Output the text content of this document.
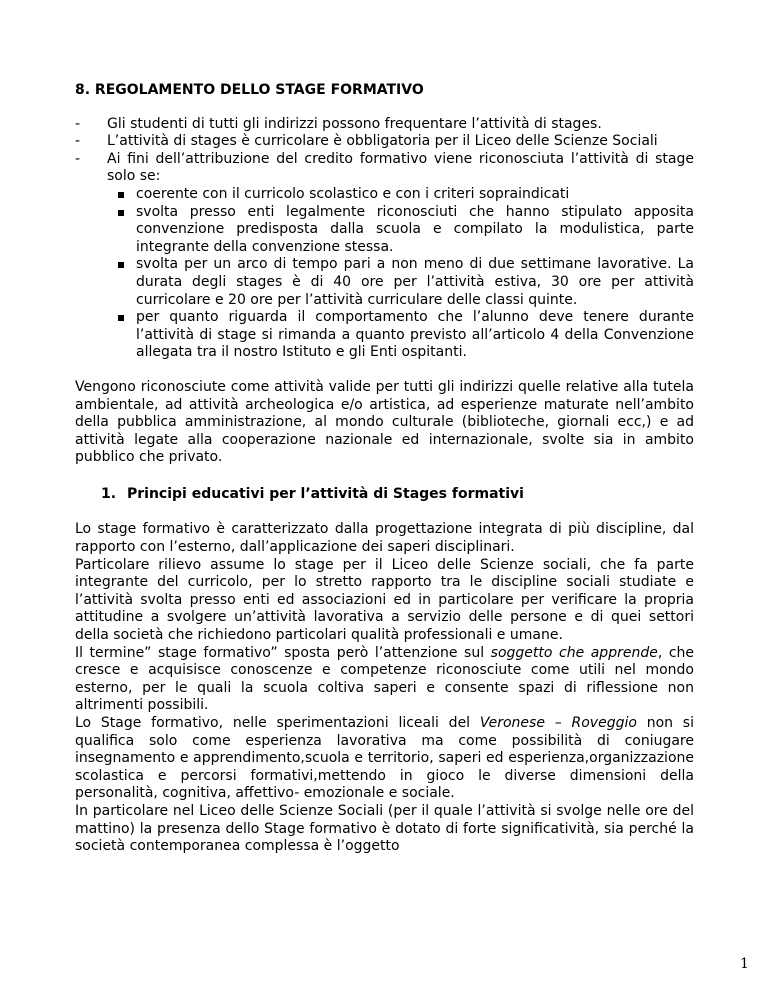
8. REGOLAMENTO DELLO STAGE FORMATIVO
- Gli studenti di tutti gli indirizzi possono frequentare l’attività di stages.
- L’attività di stages è curricolare è obbligatoria per il Liceo delle Scienze Sociali
- Ai fini dell’attribuzione del credito formativo viene riconosciuta l’attività di stage solo se:
coerente con il curricolo scolastico e con i criteri sopraindicati
svolta presso enti legalmente riconosciuti che hanno stipulato apposita convenzione predisposta dalla scuola e compilato la modulistica, parte integrante della convenzione stessa.
svolta per un arco di tempo pari a non meno di due settimane lavorative. La durata degli stages è di 40 ore per l’attività estiva, 30 ore per attività curricolare e 20 ore per l’attività curriculare delle classi quinte.
per quanto riguarda il comportamento che l’alunno deve tenere durante l’attività di stage si rimanda a quanto previsto all’articolo 4 della Convenzione allegata tra il nostro Istituto e gli Enti ospitanti.

Vengono riconosciute come attività valide per tutti gli indirizzi quelle relative alla tutela ambientale, ad attività archeologica e/o artistica, ad esperienze maturate nell’ambito della pubblica amministrazione, al mondo culturale (biblioteche, giornali ecc,) e ad attività legate alla cooperazione nazionale ed internazionale, svolte sia in ambito pubblico che privato.

1. Principi educativi per l’attività di Stages formativi

Lo stage formativo è caratterizzato dalla progettazione integrata di più discipline, dal rapporto con l’esterno, dall’applicazione dei saperi disciplinari.

Particolare rilievo assume lo stage per il Liceo delle Scienze sociali, che fa parte integrante del curricolo, per lo stretto rapporto tra le discipline sociali studiate e l’attività svolta presso enti ed associazioni ed in particolare per verificare la propria attitudine a svolgere un’attività lavorativa a servizio delle persone e di quei settori della società che richiedono particolari qualità professionali e umane.

Il termine” stage formativo” sposta però l’attenzione sul soggetto che apprende, che cresce e acquisisce conoscenze e competenze riconosciute come utili nel mondo esterno, per le quali la scuola coltiva saperi e consente spazi di riflessione non altrimenti possibili.

Lo Stage formativo, nelle sperimentazioni liceali del Veronese – Roveggio non si qualifica solo come esperienza lavorativa ma come possibilità di coniugare insegnamento e apprendimento,scuola e territorio, saperi ed esperienza,organizzazione scolastica e percorsi formativi,mettendo in gioco le diverse dimensioni della personalità, cognitiva, affettivo- emozionale e sociale.

In particolare nel Liceo delle Scienze Sociali (per il quale l’attività si svolge nelle ore del mattino) la presenza dello Stage formativo è dotato di forte significatività, sia perché la società contemporanea complessa è l’oggetto

1
